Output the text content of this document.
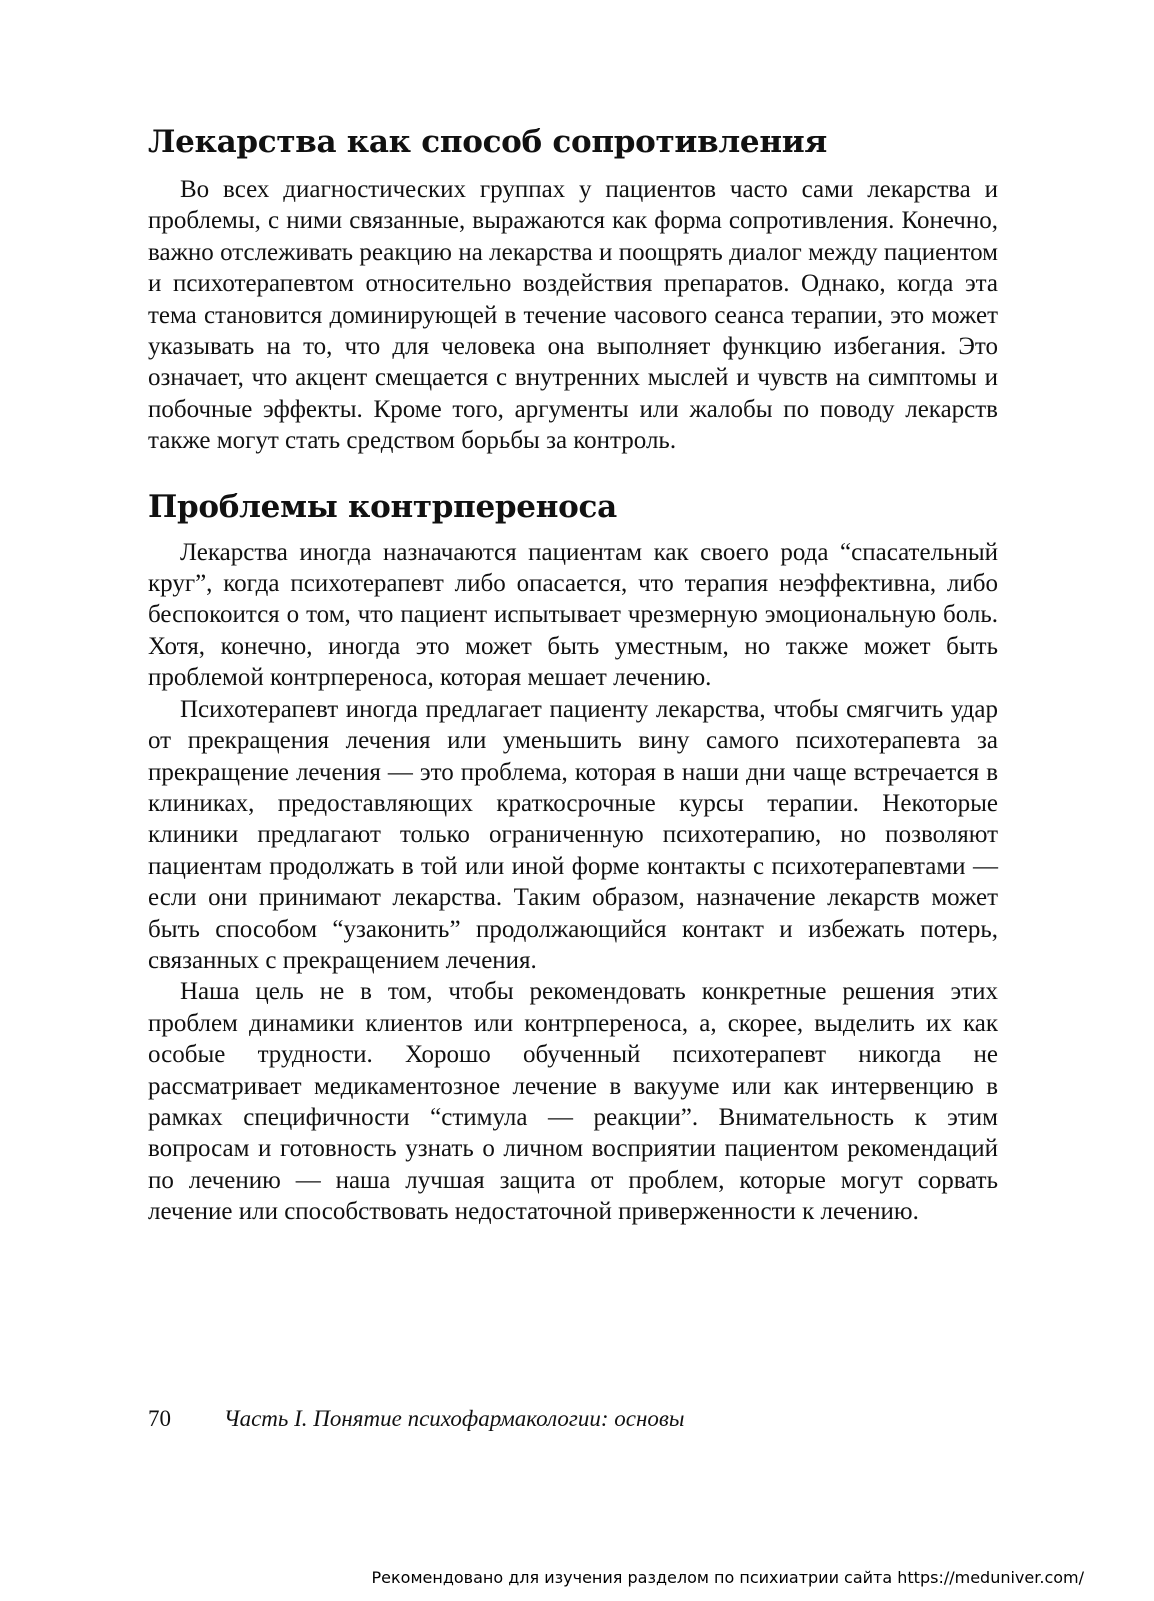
Лекарства как способ сопротивления

Во всех диагностических группах у пациентов часто сами лекарства и проблемы, с ними связанные, выражаются как форма сопротивления. Конечно, важно отслеживать реакцию на лекарства и поощрять диалог между пациентом и психотерапевтом относительно воздействия препаратов. Однако, когда эта тема становится доминирующей в течение часового сеанса терапии, это может указывать на то, что для человека она выполняет функцию избегания. Это означает, что акцент смещается с внутренних мыслей и чувств на симптомы и побочные эффекты. Кроме того, аргументы или жалобы по поводу лекарств также могут стать средством борьбы за контроль.

Проблемы контрпереноса

Лекарства иногда назначаются пациентам как своего рода “спасательный круг”, когда психотерапевт либо опасается, что терапия неэффективна, либо беспокоится о том, что пациент испытывает чрезмерную эмоциональную боль. Хотя, конечно, иногда это может быть уместным, но также может быть проблемой контрпереноса, которая мешает лечению.

Психотерапевт иногда предлагает пациенту лекарства, чтобы смягчить удар от прекращения лечения или уменьшить вину самого психотерапевта за прекращение лечения — это проблема, которая в наши дни чаще встречается в клиниках, предоставляющих краткосрочные курсы терапии. Некоторые клиники предлагают только ограниченную психотерапию, но позволяют пациентам продолжать в той или иной форме контакты с психотерапевтами — если они принимают лекарства. Таким образом, назначение лекарств может быть способом “узаконить” продолжающийся контакт и избежать потерь, связанных с прекращением лечения.

Наша цель не в том, чтобы рекомендовать конкретные решения этих проблем динамики клиентов или контрпереноса, а, скорее, выделить их как особые трудности. Хорошо обученный психотерапевт никогда не рассматривает медикаментозное лечение в вакууме или как интервенцию в рамках специфичности “стимула — реакции”. Внимательность к этим вопросам и готовность узнать о личном восприятии пациентом рекомендаций по лечению — наша лучшая защита от проблем, которые могут сорвать лечение или способствовать недостаточной приверженности к лечению.

70 Часть I. Понятие психофармакологии: основы
Рекомендовано для изучения разделом по психиатрии сайта https://meduniver.com/
